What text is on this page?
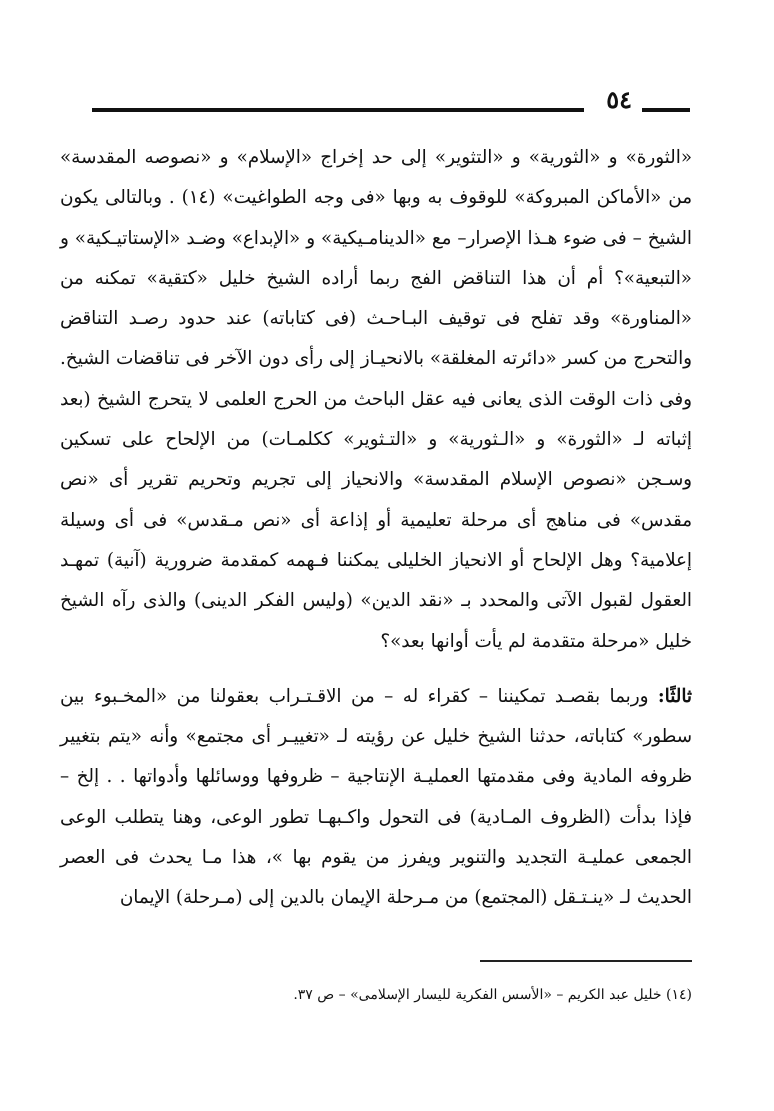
٥٤

«الثورة» و «الثورية» و «التثوير» إلى حد إخراج «الإسلام» و «نصوصه المقدسة» من «الأماكن المبروكة» للوقوف به وبها «فى وجه الطواغيت» (١٤) . وبالتالى يكون الشيخ – فى ضوء هـذا الإصرار– مع «الدينامـيكية» و «الإبداع» وضـد «الإستاتيـكية» و «التبعية»؟ أم أن هذا التناقض الفج ربما أراده الشيخ خليل «كتقية» تمكنه من «المناورة» وقد تفلح فى توقيف البـاحـث (فى كتاباته) عند حدود رصـد التناقض والتحرج من كسر «دائرته المغلقة» بالانحيـاز إلى رأى دون الآخر فى تناقضات الشيخ. وفى ذات الوقت الذى يعانى فيه عقل الباحث من الحرج العلمى لا يتحرج الشيخ (بعد إثباته لـ «الثورة» و «الـثورية» و «التـثوير» ككلمـات) من الإلحاح على تسكين وسـجن «نصوص الإسلام المقدسة» والانحياز إلى تجريم وتحريم تقرير أى «نص مقدس» فى مناهج أى مرحلة تعليمية أو إذاعة أى «نص مـقدس» فى أى وسيلة إعلامية؟ وهل الإلحاح أو الانحياز الخليلى يمكننا فـهمه كمقدمة ضرورية (آنية) تمهـد العقول لقبول الآتى والمحدد بـ «نقد الدين» (وليس الفكر الدينى) والذى رآه الشيخ خليل «مرحلة متقدمة لم يأت أوانها بعد»؟

ثالثًا: وربما بقصـد تمكيننا – كقراء له – من الاقـتـراب بعقولنا من «المخـبوء بين سطور» كتاباته، حدثنا الشيخ خليل عن رؤيته لـ «تغييـر أى مجتمع» وأنه «يتم بتغيير ظروفه المادية وفى مقدمتها العمليـة الإنتاجية – ظروفها ووسائلها وأدواتها . . إلخ – فإذا بدأت (الظروف المـادية) فى التحول واكـبهـا تطور الوعى، وهنا يتطلب الوعى الجمعى عمليـة التجديد والتنوير ويفرز من يقوم بها »، هذا مـا يحدث فى العصر الحديث لـ «ينـتـقل (المجتمع) من مـرحلة الإيمان بالدين إلى (مـرحلة) الإيمان

(١٤) خليل عبد الكريم – «الأسس الفكرية لليسار الإسلامى» – ص ٣٧.
